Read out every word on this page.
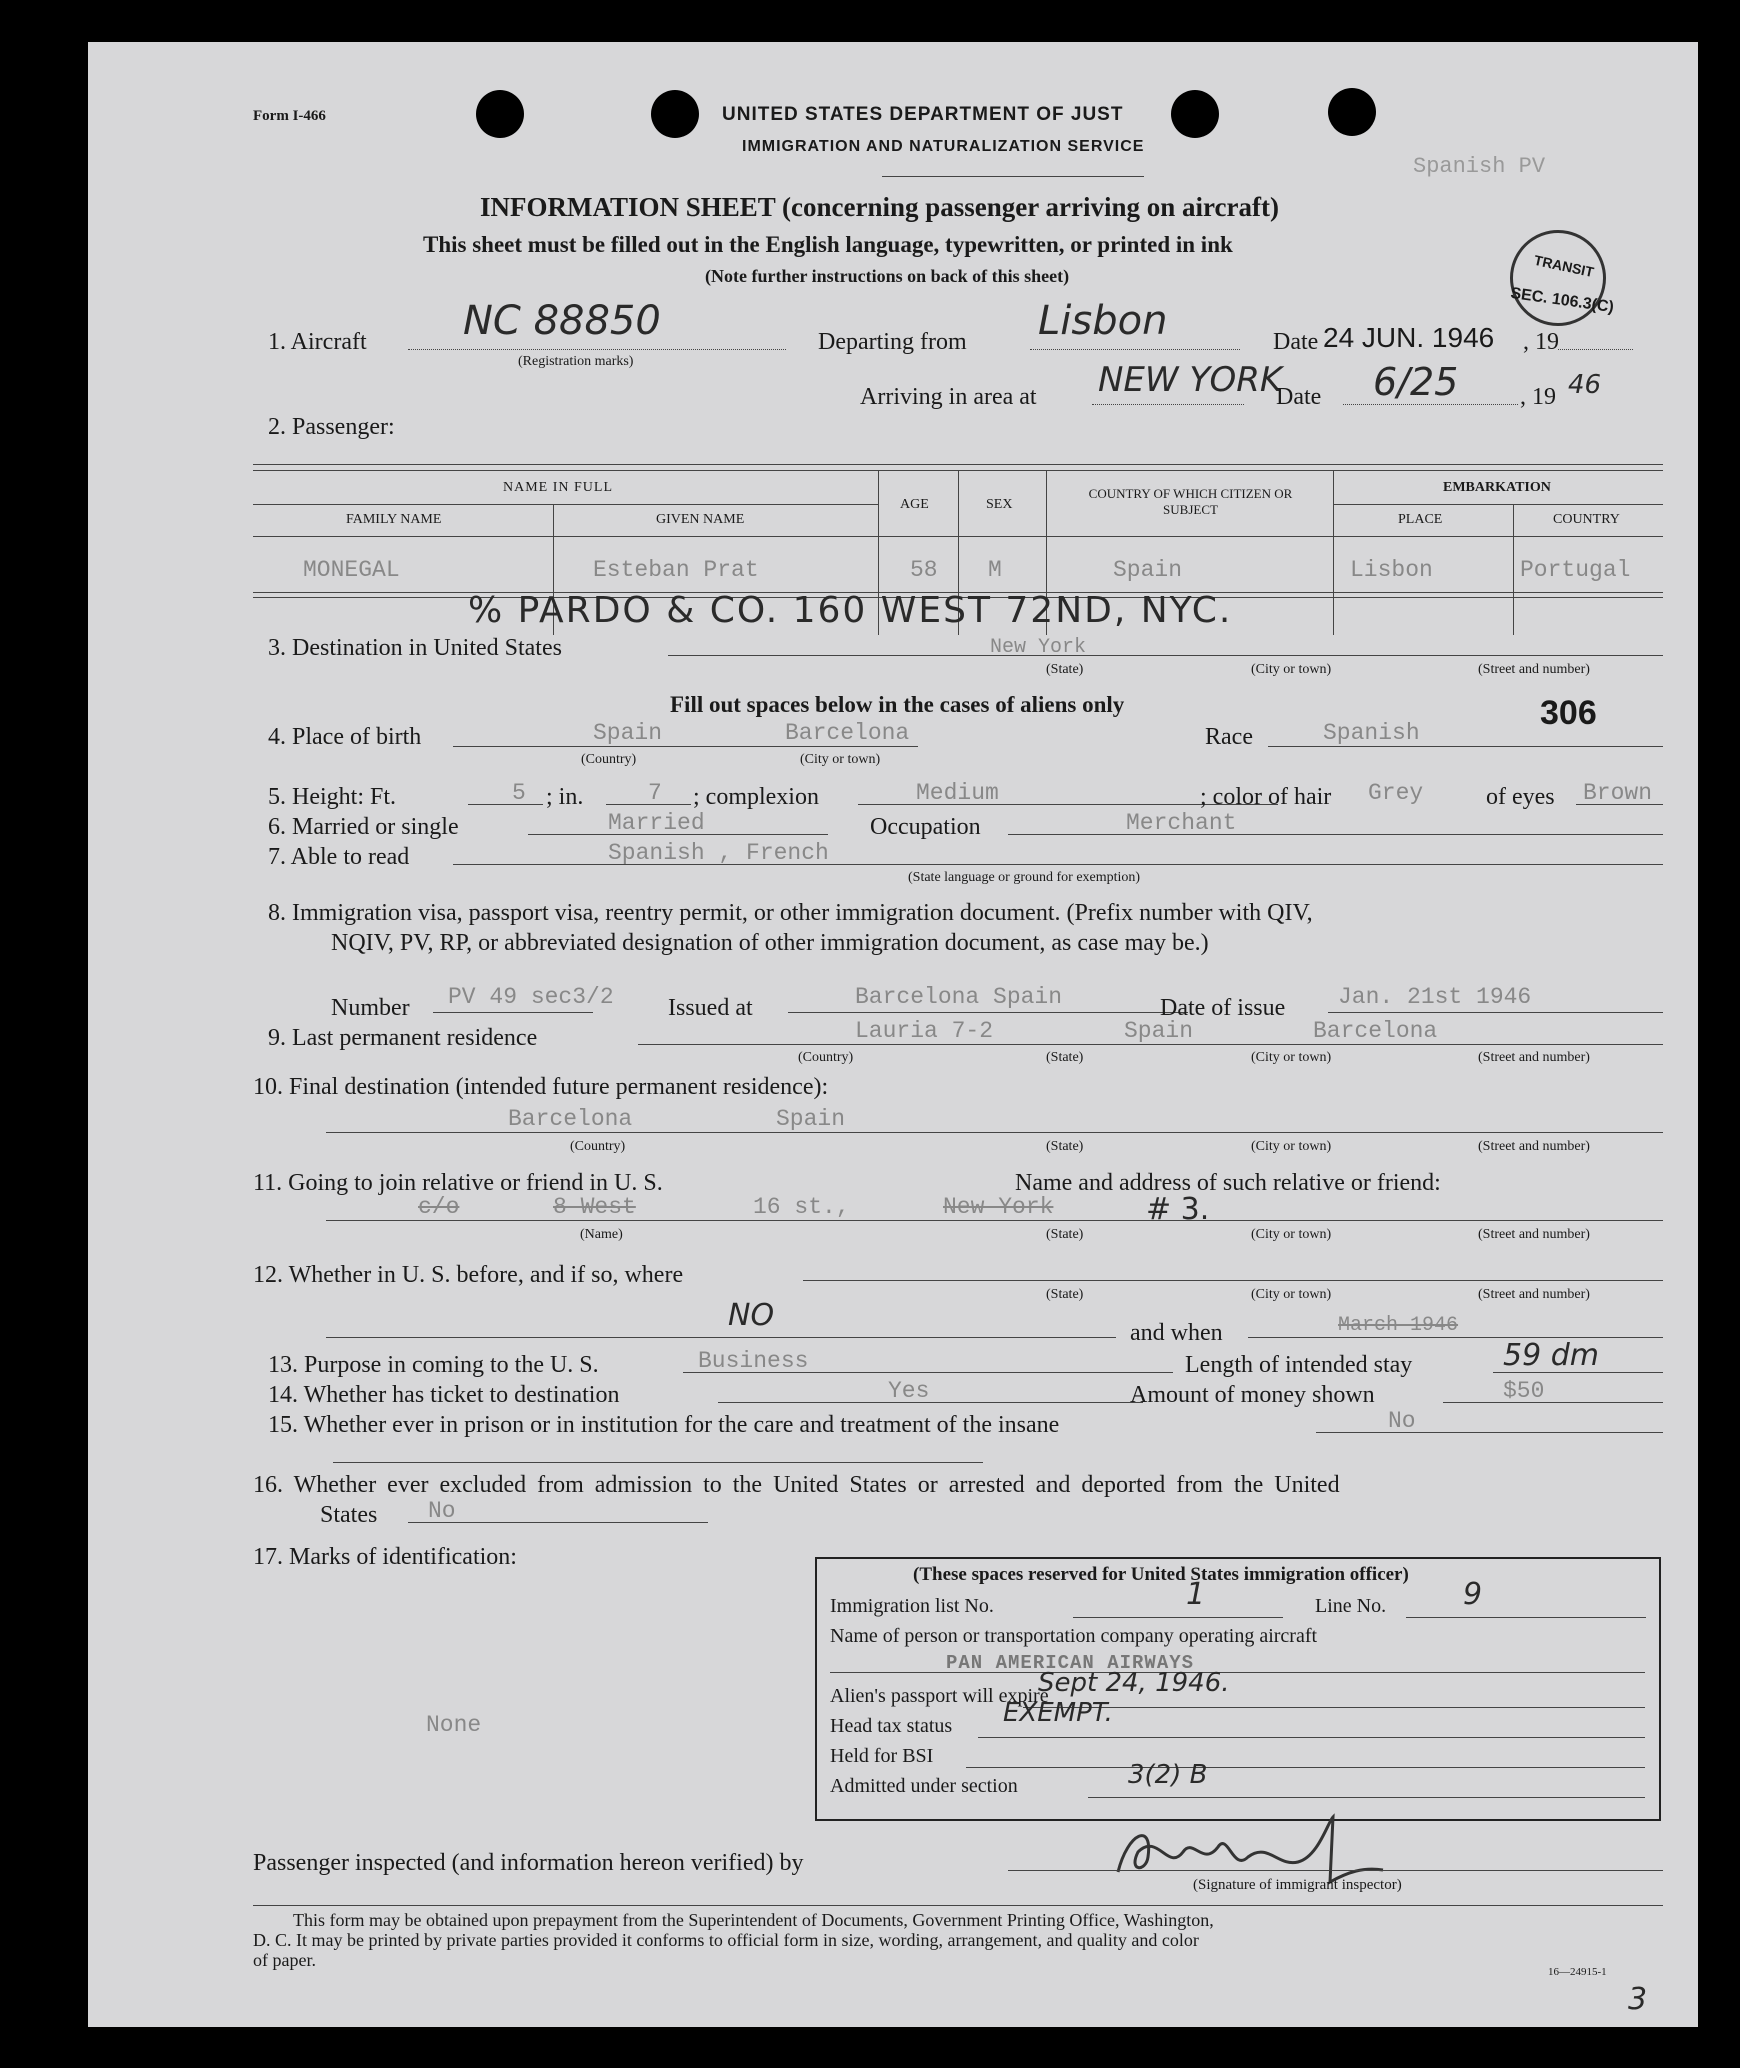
Form I-466	UNITED STATES DEPARTMENT OF JUST
IMMIGRATION AND NATURALIZATION SERVICE
Spanish PV
INFORMATION SHEET (concerning passenger arriving on aircraft)
This sheet must be filled out in the English language, typewritten, or printed in ink
(Note further instructions on back of this sheet)	TRANSIT
SEC. 106.3(C)
1. Aircraft NC 88850
(Registration marks)
Departing from Lisbon	Date 24 JUN. 1946 , 19
Arriving in area at NEW YORK
Date 6/25	, 19 46
2. Passenger:
NAME IN FULL
FAMILY NAME	GIVEN NAME
AGE	SEX
COUNTRY OF WHICH CITIZEN OR SUBJECT
EMBARKATION
PLACE	COUNTRY
MONEGAL	Esteban Prat	58 M	Spain	Lisbon	Portugal
% PARDO & CO. 160 WEST 72ND, NYC.
3. Destination in United States	New York
(State)	(City or town)	(Street and number)
Fill out spaces below in the cases of aliens only
4. Place of birth	Spain	Barcelona
(Country)	(City or town)
Race	Spanish
306
5. Height: Ft.	5 ; in.	7 ; complexion	Medium	; color of hair Grey	of eyes Brown
6. Married or single	Married	Occupation	Merchant
7. Able to read	Spanish , French
(State language or ground for exemption)
8. Immigration visa, passport visa, reentry permit, or other immigration document. (Prefix number with QIV,
NQIV, PV, RP, or abbreviated designation of other immigration document, as case may be.)
Number PV 49 sec3/2 Issued at	Barcelona Spain	Date of issue Jan. 21st 1946
9. Last permanent residence	Lauria 7-2	Spain	Barcelona
(Country)	(State)	(City or town)	(Street and number)
10. Final destination (intended future permanent residence):
Barcelona	Spain
(Country)	(State)	(City or town)	(Street and number)
11. Going to join relative or friend in U. S.	Name and address of such relative or friend:
c/o	8 West	16 st.,	New York	# 3.
(Name)	(State)	(City or town)	(Street and number)
12. Whether in U. S. before, and if so, where
(State)	(City or town)	(Street and number)
NO	and when	March 1946
13. Purpose in coming to the U. S.	Business	Length of intended stay	59 dm
14. Whether has ticket to destination	Yes	Amount of money shown	$50
15. Whether ever in prison or in institution for the care and treatment of the insane	No
16. Whether ever excluded from admission to the United States or arrested and deported from the United
States No
17. Marks of identification:
None
(These spaces reserved for United States immigration officer)
Immigration list No.	1	Line No.	9
Name of person or transportation company operating aircraft
PAN AMERICAN AIRWAYS
Alien's passport will expire
Sept 24, 1946.
Head tax status EXEMPT.
Held for BSI
Admitted under section	3(2) B
Passenger inspected (and information hereon verified) by
(Signature of immigrant inspector)
This form may be obtained upon prepayment from the Superintendent of Documents, Government Printing Office, Washington,
D. C. It may be printed by private parties provided it conforms to official form in size, wording, arrangement, and quality and color
of paper.
16—24915-1
3
